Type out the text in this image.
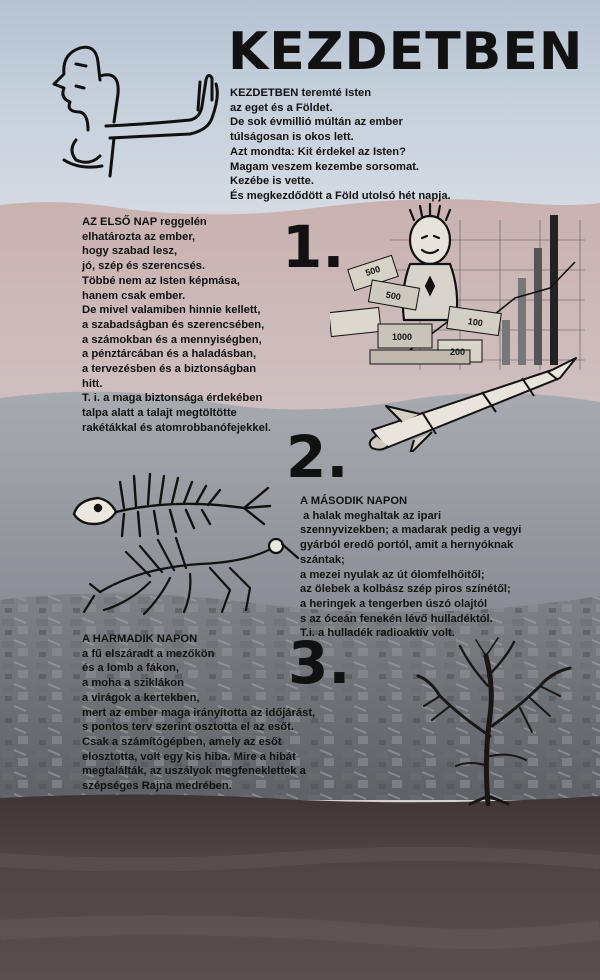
KEZDETBEN

KEZDETBEN teremté Isten
az eget és a Földet.
De sok évmillió múltán az ember
túlságosan is okos lett.
Azt mondta: Kit érdekel az Isten?
Magam veszem kezembe sorsomat.
Kezébe is vette.
És megkezdődött a Föld utolsó hét napja.

AZ ELSŐ NAP reggelén
elhatározta az ember,
hogy szabad lesz,
jó, szép és szerencsés.
Többé nem az Isten képmása,
hanem csak ember.
De mivel valamiben hinnie kellett,
a szabadságban és szerencsében,
a számokban és a mennyiségben,
a pénztárcában és a haladásban,
a tervezésben és a biztonságban
hitt.
T. i. a maga biztonsága érdekében
talpa alatt a talajt megtöltötte
rakétákkal és atomrobbanófejekkel.

1. 500
500
1000
100
200

2.

A MÁSODIK NAPON
a halak meghaltak az ipari
szennyvizekben; a madarak pedig a vegyi
gyárból eredő portól, amit a hernyóknak
szántak;
a mezei nyulak az út ólomfelhőitől;
az ölebek a kolbász szép piros színétől;
a heringek a tengerben úszó olajtól
s az óceán fenekén lévő hulladéktól.
T.i. a hulladék radioaktív volt.

A HARMADIK NAPON
a fű elszáradt a mezőkön
és a lomb a fákon,
a moha a sziklákon
a virágok a kertekben,
mert az ember maga irányította az időjárást,
s pontos terv szerint osztotta el az esőt.
Csak a számítógépben, amely az esőt
elosztotta, volt egy kis hiba. Mire a hibát
megtalálták, az uszályok megfeneklettek a
szépséges Rajna medrében.

3.
